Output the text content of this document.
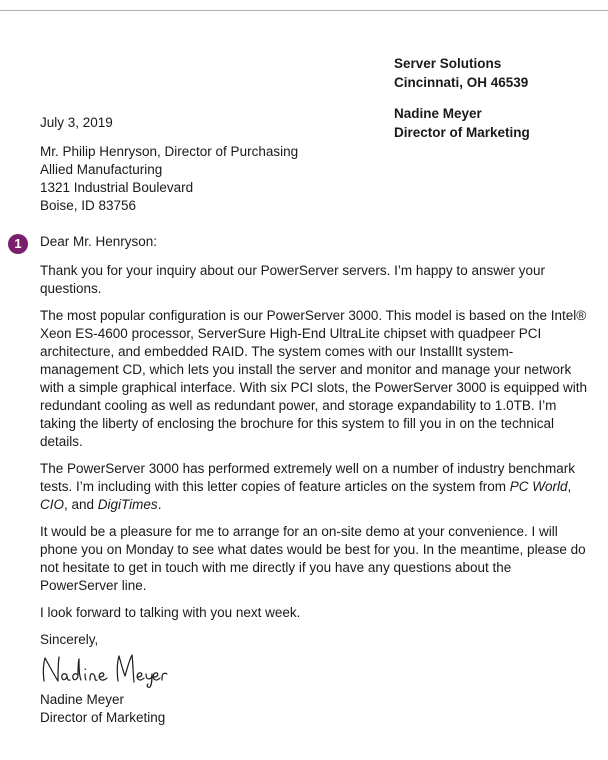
Server Solutions
Cincinnati, OH 46539
Nadine Meyer
Director of Marketing
July 3, 2019
Mr. Philip Henryson, Director of Purchasing
Allied Manufacturing
1321 Industrial Boulevard
Boise, ID 83756
1	Dear Mr. Henryson:

Thank you for your inquiry about our PowerServer servers. I’m happy to answer your questions.

The most popular configuration is our PowerServer 3000. This model is based on the Intel® Xeon ES-4600 processor, ServerSure High-End UltraLite chipset with quadpeer PCI architecture, and embedded RAID. The system comes with our InstallIt system-management CD, which lets you install the server and monitor and manage your network with a simple graphical interface. With six PCI slots, the PowerServer 3000 is equipped with redundant cooling as well as redundant power, and storage expandability to 1.0TB. I’m taking the liberty of enclosing the brochure for this system to fill you in on the technical details.

The PowerServer 3000 has performed extremely well on a number of industry benchmark tests. I’m including with this letter copies of feature articles on the system from PC World, CIO, and DigiTimes.

It would be a pleasure for me to arrange for an on-site demo at your convenience. I will phone you on Monday to see what dates would be best for you. In the meantime, please do not hesitate to get in touch with me directly if you have any questions about the PowerServer line.

I look forward to talking with you next week.

Sincerely,

Nadine Meyer
Director of Marketing
